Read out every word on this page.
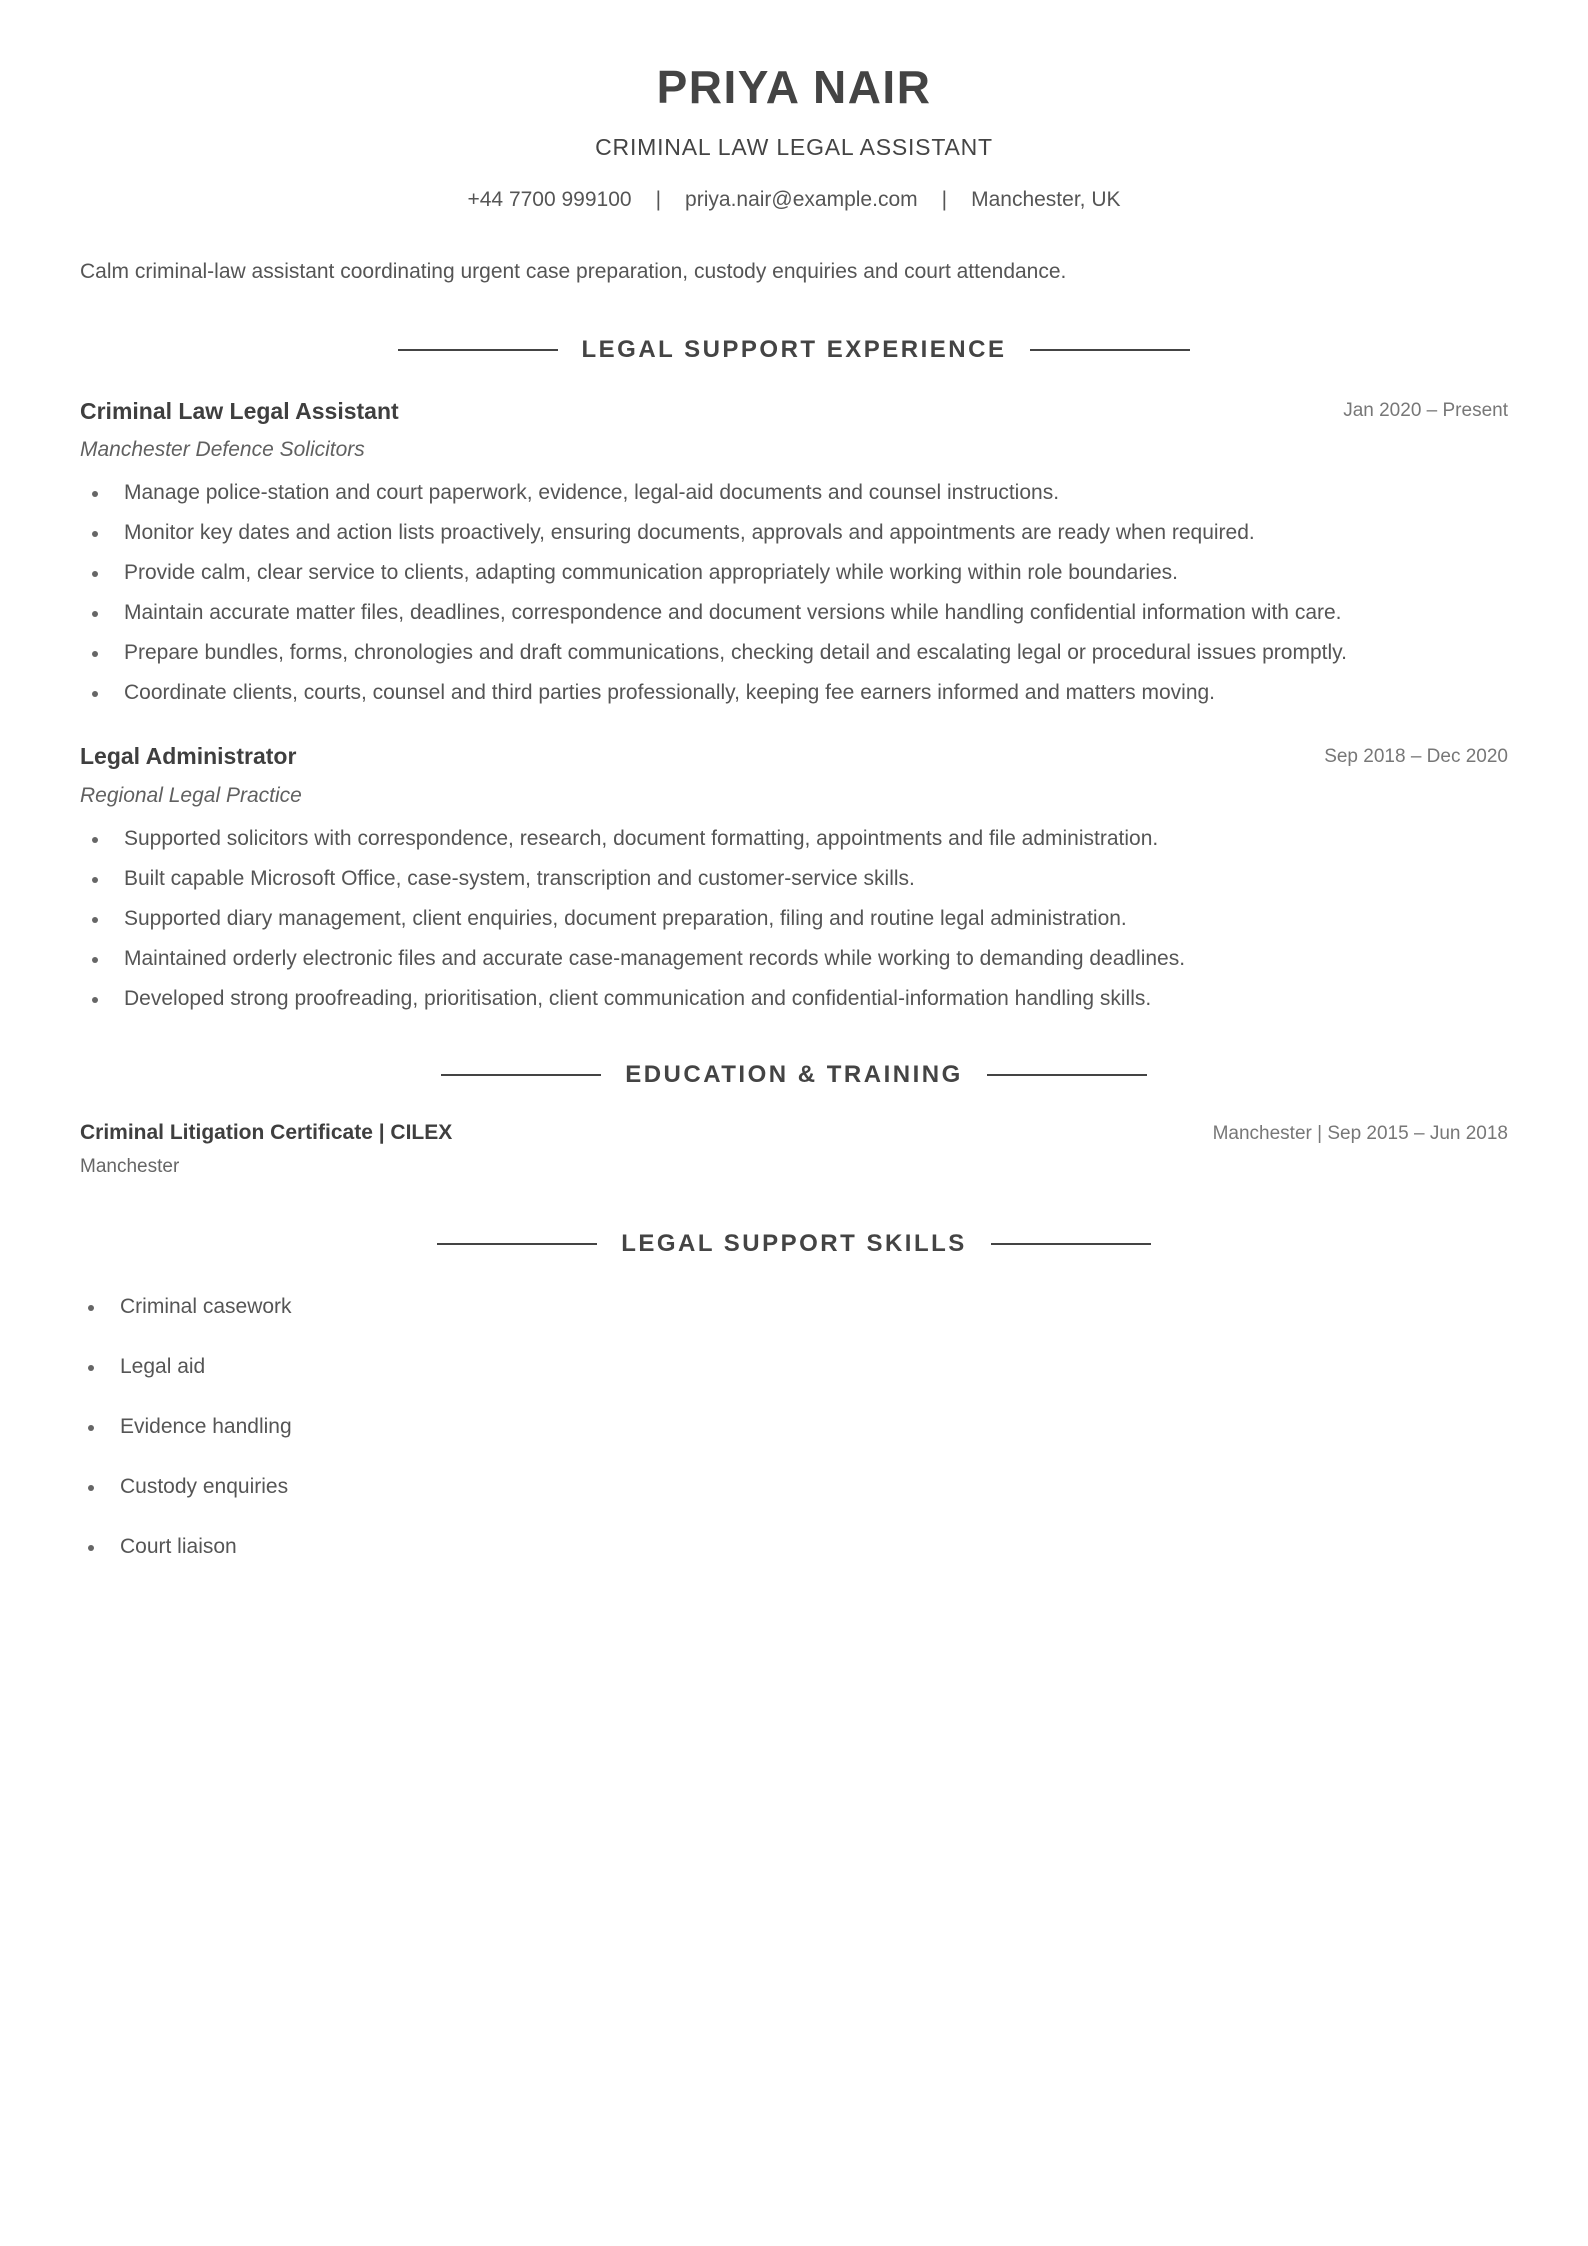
PRIYA NAIR
CRIMINAL LAW LEGAL ASSISTANT
+44 7700 999100 | priya.nair@example.com | Manchester, UK
Calm criminal-law assistant coordinating urgent case preparation, custody enquiries and court attendance.
LEGAL SUPPORT EXPERIENCE
Criminal Law Legal Assistant	Jan 2020 – Present
Manchester Defence Solicitors
Manage police-station and court paperwork, evidence, legal-aid documents and counsel instructions.
Monitor key dates and action lists proactively, ensuring documents, approvals and appointments are ready when required.
Provide calm, clear service to clients, adapting communication appropriately while working within role boundaries.
Maintain accurate matter files, deadlines, correspondence and document versions while handling confidential information with care.
Prepare bundles, forms, chronologies and draft communications, checking detail and escalating legal or procedural issues promptly.
Coordinate clients, courts, counsel and third parties professionally, keeping fee earners informed and matters moving.
Legal Administrator	Sep 2018 – Dec 2020
Regional Legal Practice
Supported solicitors with correspondence, research, document formatting, appointments and file administration.
Built capable Microsoft Office, case-system, transcription and customer-service skills.
Supported diary management, client enquiries, document preparation, filing and routine legal administration.
Maintained orderly electronic files and accurate case-management records while working to demanding deadlines.
Developed strong proofreading, prioritisation, client communication and confidential-information handling skills.
EDUCATION & TRAINING
Criminal Litigation Certificate | CILEX	Manchester | Sep 2015 – Jun 2018
Manchester
LEGAL SUPPORT SKILLS
Criminal casework
Legal aid
Evidence handling
Custody enquiries
Court liaison
